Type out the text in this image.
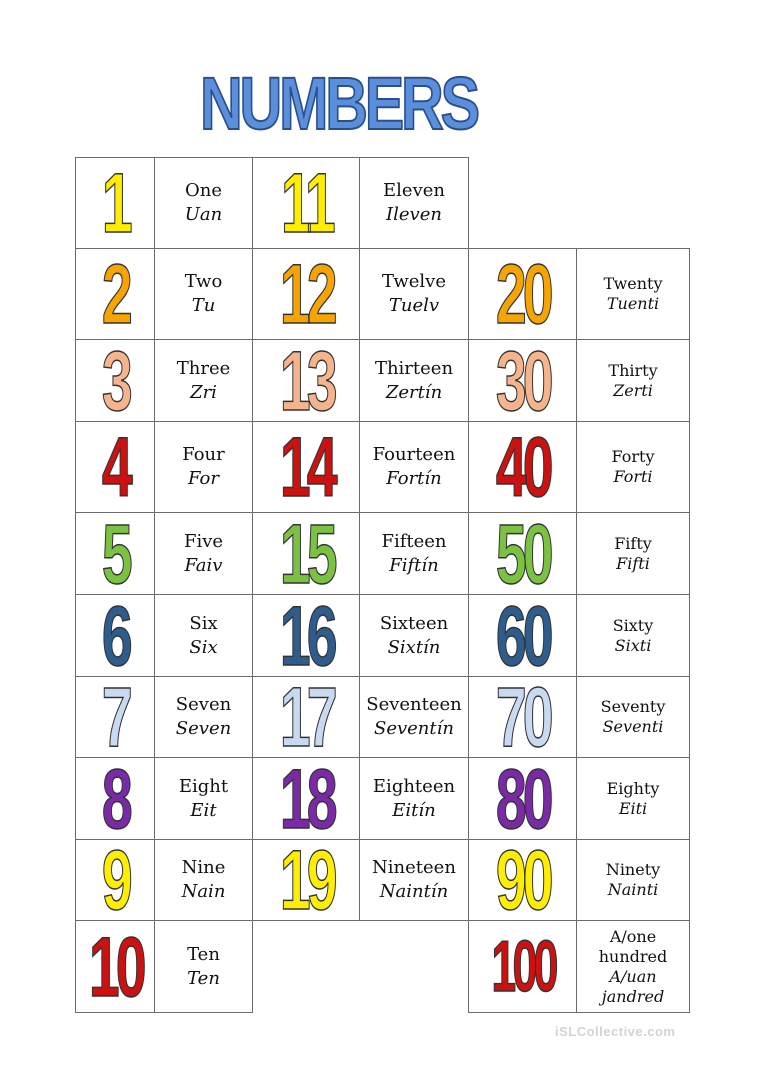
NUMBERS
1	One
Uan
2	Two
Tu
3	Three
Zri
4	Four
For
5	Five
Faiv
6	Six
Six
7	Seven
Seven
8	Eight
Eit
9	Nine
Nain
10 Ten
Ten
11	Eleven
Ileven
12	Twelve
Tuelv
13 Thirteen
Zertín
14 Fourteen
Fortín
15	Fifteen
Fiftín
16	Sixteen
Sixtín
17 Seventeen
Seventín
18 Eighteen
Eitín
19 Nineteen
Naintín
20	Twenty
Tuenti
30	Thirty
Zerti
40	Forty
Forti
50	Fifty
Fifti
60	Sixty
Sixti
70	Seventy
Seventi
80	Eighty
Eiti
90	Ninety
Nainti
100	A/one hundred
A/uan jandred
iSLCollective.com
